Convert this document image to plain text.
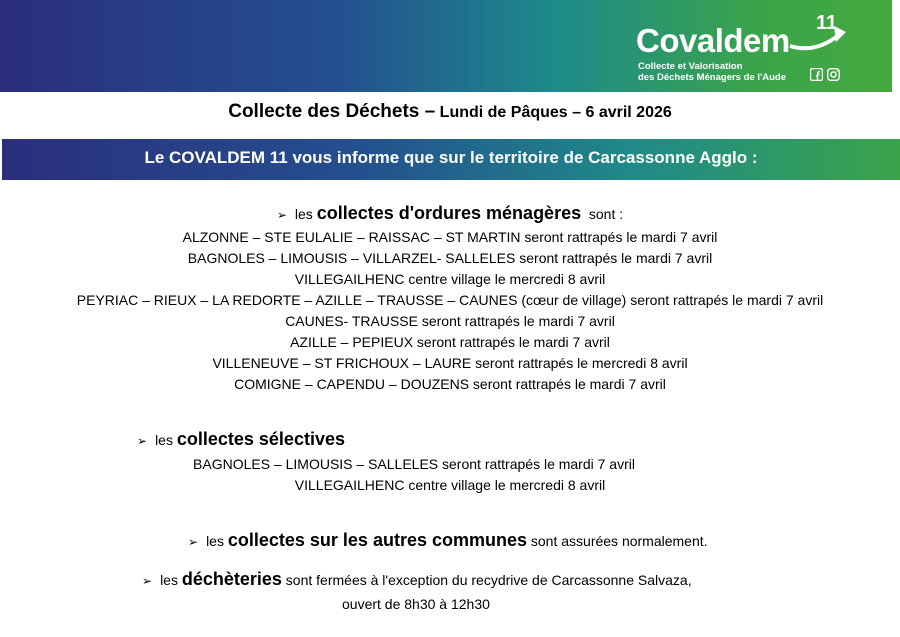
Covaldem 11
Collecte et Valorisation
des Déchets Ménagers de l'Aude

Collecte des Déchets – Lundi de Pâques – 6 avril 2026
Le COVALDEM 11 vous informe que sur le territoire de Carcassonne Agglo :
➢ les collectes d'ordures ménagères  sont :
ALZONNE – STE EULALIE – RAISSAC – ST MARTIN seront rattrapés le mardi 7 avril
BAGNOLES – LIMOUSIS – VILLARZEL- SALLELES seront rattrapés le mardi 7 avril
VILLEGAILHENC centre village le mercredi 8 avril
PEYRIAC – RIEUX – LA REDORTE – AZILLE – TRAUSSE – CAUNES (cœur de village) seront rattrapés le mardi 7 avril
CAUNES- TRAUSSE seront rattrapés le mardi 7 avril
AZILLE – PEPIEUX seront rattrapés le mardi 7 avril
VILLENEUVE – ST FRICHOUX – LAURE seront rattrapés le mercredi 8 avril
COMIGNE – CAPENDU – DOUZENS seront rattrapés le mardi 7 avril
➢ les collectes sélectives
BAGNOLES – LIMOUSIS – SALLELES seront rattrapés le mardi 7 avril
VILLEGAILHENC centre village le mercredi 8 avril
➢ les collectes sur les autres communes sont assurées normalement.
➢ les déchèteries sont fermées à l'exception du recydrive de Carcassonne Salvaza,
ouvert de 8h30 à 12h30
